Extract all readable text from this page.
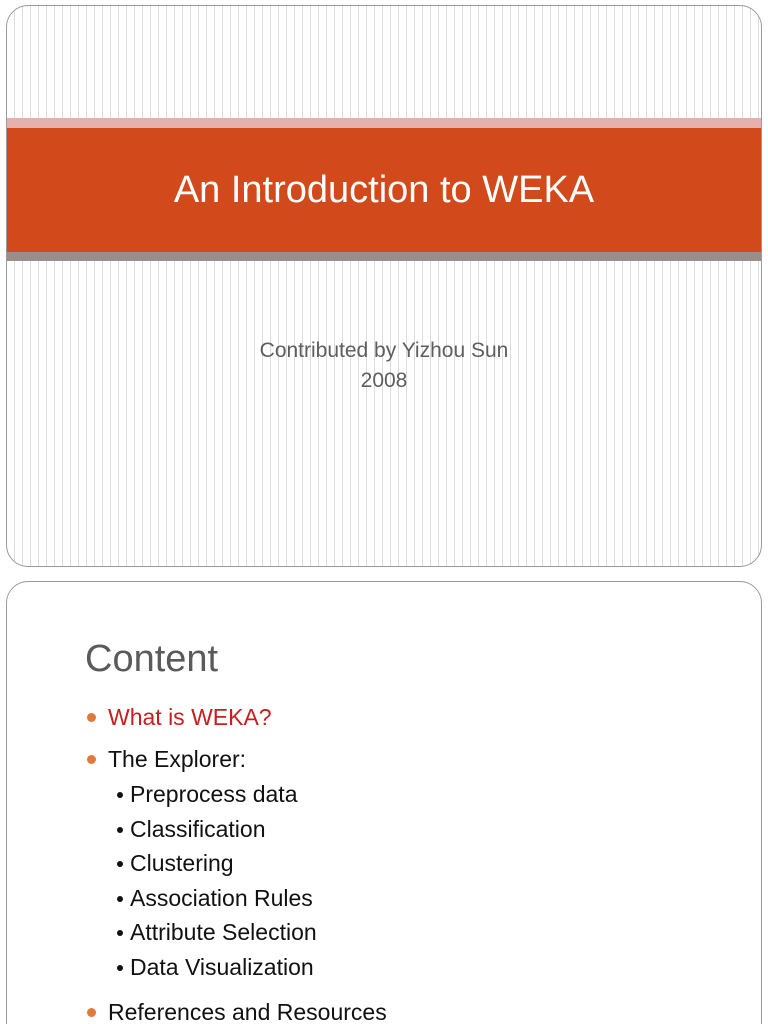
An Introduction to WEKA
Contributed by Yizhou Sun
2008
Content
What is WEKA?
The Explorer:
Preprocess data
Classification
Clustering
Association Rules
Attribute Selection
Data Visualization
References and Resources
